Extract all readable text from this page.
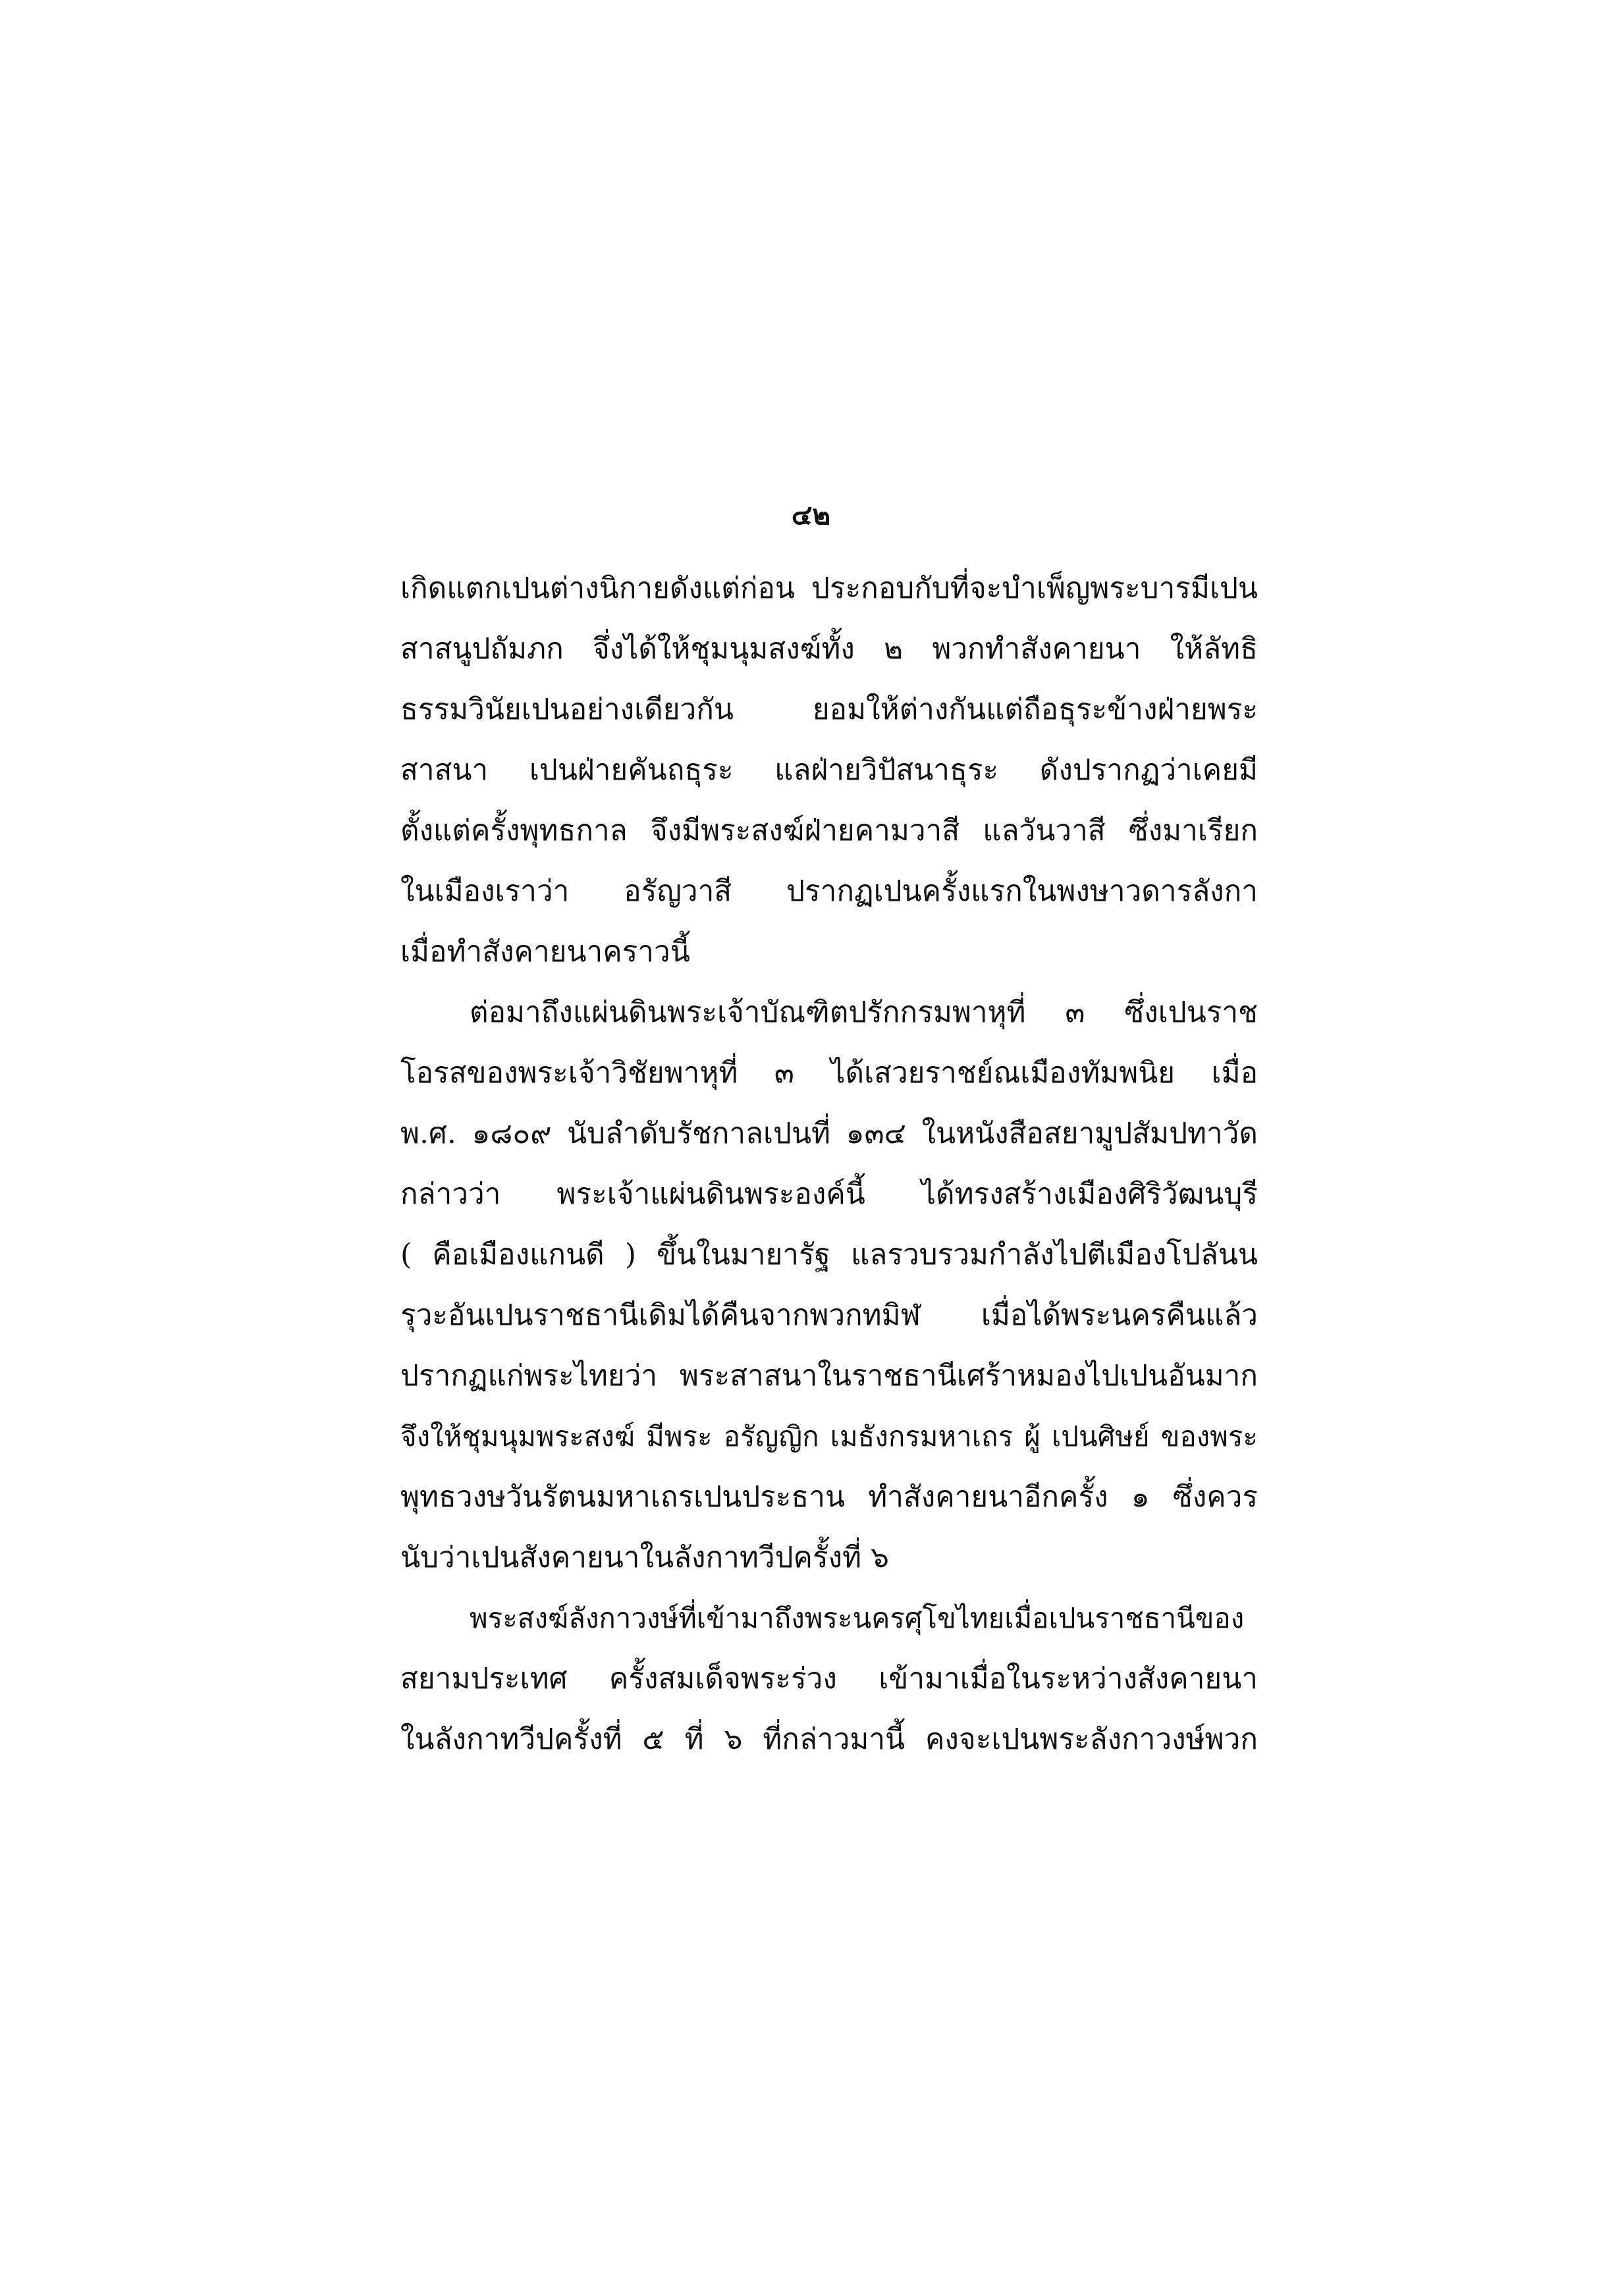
๔๒
เกิดแตกเปนต่างนิกายดังแต่ก่อน ประกอบกับที่จะบำเพ็ญพระบารมีเปน
สาสนูปถัมภก จึ่งได้ให้ชุมนุมสงฆ์ทั้ง ๒ พวกทำสังคายนา ให้ลัทธิ
ธรรมวินัยเปนอย่างเดียวกัน ยอมให้ต่างกันแต่ถือธุระข้างฝ่ายพระ
สาสนา เปนฝ่ายคันถธุระ แลฝ่ายวิปัสนาธุระ ดังปรากฏว่าเคยมี
ตั้งแต่ครั้งพุทธกาล จึงมีพระสงฆ์ฝ่ายคามวาสี แลวันวาสี ซึ่งมาเรียก
ในเมืองเราว่า อรัญวาสี ปรากฏเปนครั้งแรกในพงษาวดารลังกา
เมื่อทำสังคายนาคราวนี้
ต่อมาถึงแผ่นดินพระเจ้าบัณฑิตปรักกรมพาหุที่ ๓ ซึ่งเปนราช
โอรสของพระเจ้าวิชัยพาหุที่ ๓ ได้เสวยราชย์ณเมืองทัมพนิย เมื่อ
พ.ศ. ๑๘๐๙ นับลำดับรัชกาลเปนที่ ๑๓๔ ในหนังสือสยามูปสัมปทาวัด
กล่าวว่า พระเจ้าแผ่นดินพระองค์นี้ ได้ทรงสร้างเมืองศิริวัฒนบุรี
( คือเมืองแกนดี ) ขึ้นในมายารัฐ แลรวบรวมกำลังไปตีเมืองโปลันน
รุวะอันเปนราชธานีเดิมได้คืนจากพวกทมิฬ เมื่อได้พระนครคืนแล้ว
ปรากฏแก่พระไทยว่า พระสาสนาในราชธานีเศร้าหมองไปเปนอันมาก
จึงให้ชุมนุมพระสงฆ์ มีพระ อรัญญิก เมธังกรมหาเถร ผู้ เปนศิษย์ ของพระ
พุทธวงษวันรัตนมหาเถรเปนประธาน ทำสังคายนาอีกครั้ง ๑ ซึ่งควร
นับว่าเปนสังคายนาในลังกาทวีปครั้งที่ ๖
พระสงฆ์ลังกาวงษ์ที่เข้ามาถึงพระนครศุโขไทยเมื่อเปนราชธานีของ
สยามประเทศ ครั้งสมเด็จพระร่วง เข้ามาเมื่อในระหว่างสังคายนา
ในลังกาทวีปครั้งที่ ๕ ที่ ๖ ที่กล่าวมานี้ คงจะเปนพระลังกาวงษ์พวก
